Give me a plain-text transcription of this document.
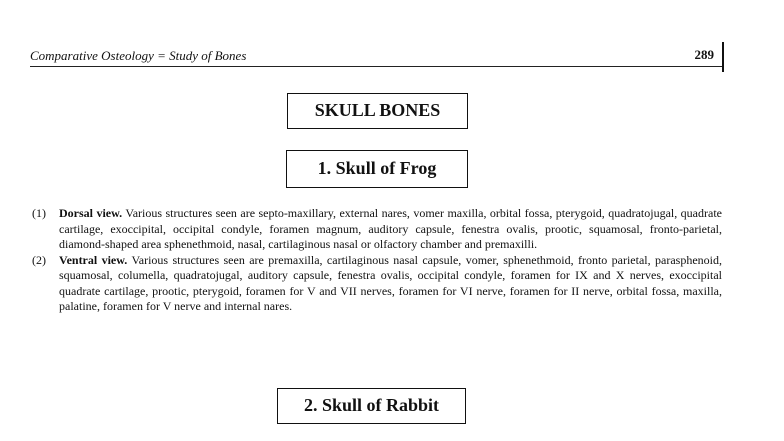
Comparative Osteology = Study of Bones	289
SKULL BONES
1. Skull of Frog
(1)	Dorsal view. Various structures seen are septo-maxillary, external nares, vomer maxilla, orbital fossa, pterygoid, quadratojugal, quadrate cartilage, exoccipital, occipital condyle, foramen magnum, auditory capsule, fenestra ovalis, prootic, squamosal, fronto-parietal, diamond-shaped area sphenethmoid, nasal, cartilaginous nasal or olfactory chamber and premaxilli.
(2)	Ventral view. Various structures seen are premaxilla, cartilaginous nasal capsule, vomer, sphenethmoid, fronto parietal, parasphenoid, squamosal, columella, quadratojugal, auditory capsule, fenestra ovalis, occipital condyle, foramen for IX and X nerves, exoccipital quadrate cartilage, prootic, pterygoid, foramen for V and VII nerves, foramen for VI nerve, foramen for II nerve, orbital fossa, maxilla, palatine, foramen for V nerve and internal nares.
2. Skull of Rabbit
